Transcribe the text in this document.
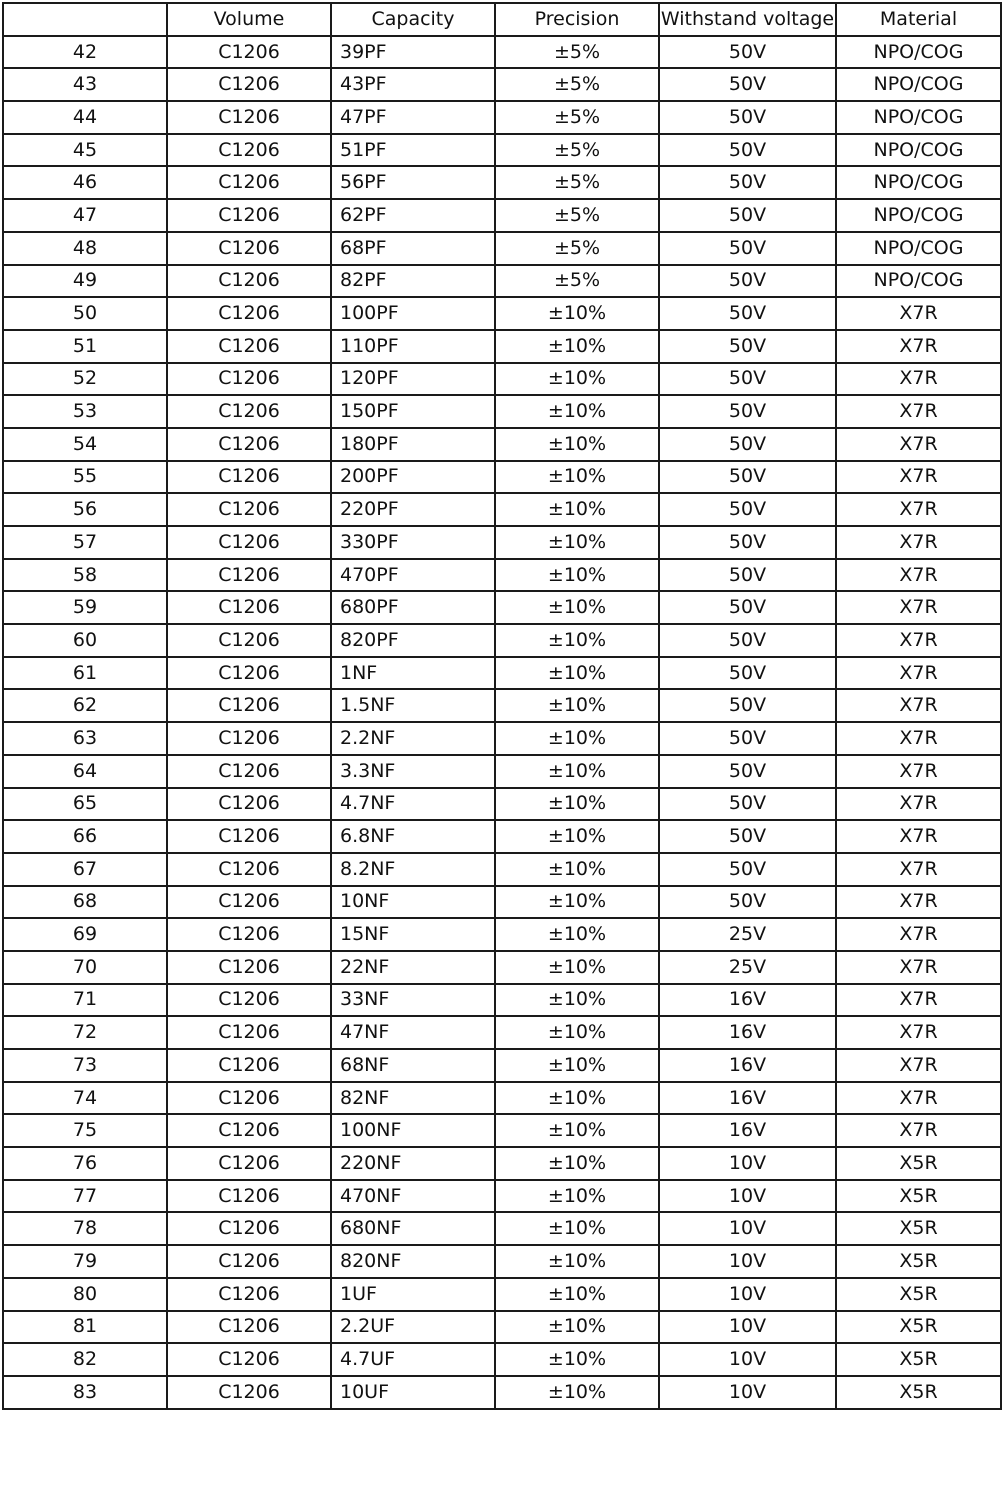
	Volume	Capacity	Precision	Withstand voltage	Material
42	C1206	39PF	±5%	50V	NPO/COG
43	C1206	43PF	±5%	50V	NPO/COG
44	C1206	47PF	±5%	50V	NPO/COG
45	C1206	51PF	±5%	50V	NPO/COG
46	C1206	56PF	±5%	50V	NPO/COG
47	C1206	62PF	±5%	50V	NPO/COG
48	C1206	68PF	±5%	50V	NPO/COG
49	C1206	82PF	±5%	50V	NPO/COG
50	C1206	100PF	±10%	50V	X7R
51	C1206	110PF	±10%	50V	X7R
52	C1206	120PF	±10%	50V	X7R
53	C1206	150PF	±10%	50V	X7R
54	C1206	180PF	±10%	50V	X7R
55	C1206	200PF	±10%	50V	X7R
56	C1206	220PF	±10%	50V	X7R
57	C1206	330PF	±10%	50V	X7R
58	C1206	470PF	±10%	50V	X7R
59	C1206	680PF	±10%	50V	X7R
60	C1206	820PF	±10%	50V	X7R
61	C1206	1NF	±10%	50V	X7R
62	C1206	1.5NF	±10%	50V	X7R
63	C1206	2.2NF	±10%	50V	X7R
64	C1206	3.3NF	±10%	50V	X7R
65	C1206	4.7NF	±10%	50V	X7R
66	C1206	6.8NF	±10%	50V	X7R
67	C1206	8.2NF	±10%	50V	X7R
68	C1206	10NF	±10%	50V	X7R
69	C1206	15NF	±10%	25V	X7R
70	C1206	22NF	±10%	25V	X7R
71	C1206	33NF	±10%	16V	X7R
72	C1206	47NF	±10%	16V	X7R
73	C1206	68NF	±10%	16V	X7R
74	C1206	82NF	±10%	16V	X7R
75	C1206	100NF	±10%	16V	X7R
76	C1206	220NF	±10%	10V	X5R
77	C1206	470NF	±10%	10V	X5R
78	C1206	680NF	±10%	10V	X5R
79	C1206	820NF	±10%	10V	X5R
80	C1206	1UF	±10%	10V	X5R
81	C1206	2.2UF	±10%	10V	X5R
82	C1206	4.7UF	±10%	10V	X5R
83	C1206	10UF	±10%	10V	X5R
